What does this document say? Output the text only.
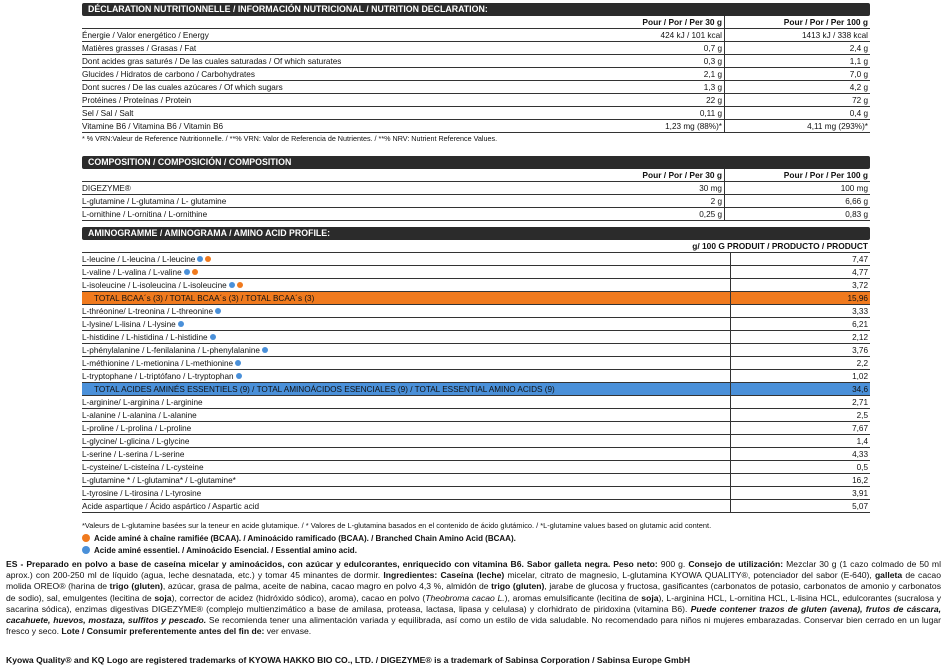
DÉCLARATION NUTRITIONNELLE / INFORMACIÓN NUTRICIONAL / NUTRITION DECLARATION:
Pour / Por / Per 30 g	Pour / Por / Per 100 g
Énergie / Valor energético / Energy	424 kJ / 101 kcal	1413 kJ / 338 kcal
Matières grasses / Grasas / Fat	0,7 g	2,4 g
Dont acides gras saturés / De las cuales saturadas / Of which saturates	0,3 g	1,1 g
Glucides / Hidratos de carbono / Carbohydrates	2,1 g	7,0 g
Dont sucres / De las cuales azúcares / Of which sugars	1,3 g	4,2 g
Protéines / Proteínas / Protein	22 g	72 g
Sel / Sal / Salt	0,11 g	0,4 g
Vitamine B6 / Vitamina B6 / Vitamin B6	1,23 mg (88%)*	4,11 mg (293%)*
* % VRN:Valeur de Reference Nutritionnelle. / **% VRN: Valor de Referencia de Nutrientes. / **% NRV: Nutrient Reference Values.
COMPOSITION / COMPOSICIÓN / COMPOSITION
Pour / Por / Per 30 g	Pour / Por / Per 100 g
DIGEZYME®	30 mg	100 mg
L-glutamine / L-glutamina / L- glutamine	2 g	6,66 g
L-ornithine / L-ornitina / L-ornithine	0,25 g	0,83 g
AMINOGRAMME / AMINOGRAMA / AMINO ACID PROFILE:
g/ 100 G PRODUIT / PRODUCTO / PRODUCT
L-leucine / L-leucina / L-leucine	7,47
L-valine / L-valina / L-valine	4,77
L-isoleucine / L-isoleucina / L-isoleucine	3,72
TOTAL BCAA´s (3) / TOTAL BCAA´s (3) / TOTAL BCAA´s (3)	15,96
L-thréonine/ L-treonina / L-threonine	3,33
L-lysine/ L-lisina / L-lysine	6,21
L-histidine / L-histidina / L-histidine	2,12
L-phénylalanine / L-fenilalanina / L-phenylalanine	3,76
L-méthionine / L-metionina / L-methionine	2,2
L-tryptophane / L-triptófano / L-tryptophan	1,02
TOTAL ACIDES AMINÉS ESSENTIELS (9) / TOTAL AMINOÁCIDOS ESENCIALES (9) / TOTAL ESSENTIAL AMINO ACIDS (9)	34,6
L-arginine/ L-arginina / L-arginine	2,71
L-alanine / L-alanina / L-alanine	2,5
L-proline / L-prolina / L-proline	7,67
L-glycine/ L-glicina / L-glycine	1,4
L-serine / L-serina / L-serine	4,33
L-cysteine/ L-cisteína / L-cysteine	0,5
L-glutamine * / L-glutamina* / L-glutamine*	16,2
L-tyrosine / L-tirosina / L-tyrosine	3,91
Acide aspartique / Ácido aspártico / Aspartic acid	5,07
*Valeurs de L-glutamine basées sur la teneur en acide glutamique. / * Valores de L-glutamina basados en el contenido de ácido glutámico. / *L-glutamine values based on glutamic acid content.
Acide aminé à chaîne ramifiée (BCAA). / Aminoácido ramificado (BCAA). / Branched Chain Amino Acid (BCAA).
Acide aminé essentiel. / Aminoácido Esencial. / Essential amino acid.
ES - Preparado en polvo a base de caseína micelar y aminoácidos, con azúcar y edulcorantes, enriquecido con vitamina B6. Sabor galleta negra. Peso neto: 900 g. Consejo de utilización: Mezclar 30 g (1 cazo colmado de 50 ml aprox.) con 200-250 ml de líquido (agua, leche desnatada, etc.) y tomar 45 minantes de dormir. Ingredientes: Caseína (leche) micelar, citrato de magnesio, L-glutamina KYOWA QUALITY®, potenciador del sabor (E-640), galleta de cacao molida OREO® (harina de trigo (gluten), azúcar, grasa de palma, aceite de nabina, cacao magro en polvo 4,3 %, almidón de trigo (gluten), jarabe de glucosa y fructosa, gasificantes (carbonatos de potasio, carbonatos de amonio y carbonatos de sodio), sal, emulgentes (lecitina de soja), corrector de acidez (hidróxido sódico), aroma), cacao en polvo (Theobroma cacao L.), aromas emulsificante (lecitina de soja), L-arginina HCL, L-ornitina HCL, L-lisina HCL, edulcorantes (sucralosa y sacarina sódica), enzimas digestivas DIGEZYME® (complejo multienzimático a base de amilasa, proteasa, lactasa, lipasa y celulasa) y clorhidrato de piridoxina (vitamina B6). Puede contener trazos de gluten (avena), frutos de cáscara, cacahuete, huevos, mostaza, sulfitos y pescado. Se recomienda tener una alimentación variada y equilibrada, así como un estilo de vida saludable. No recomendado para niños ni mujeres embarazadas. Conservar bien cerrado en un lugar fresco y seco. Lote / Consumir preferentemente antes del fin de: ver envase.
Kyowa Quality® and KQ Logo are registered trademarks of KYOWA HAKKO BIO CO., LTD. / DIGEZYME® is a trademark of Sabinsa Corporation / Sabinsa Europe GmbH
